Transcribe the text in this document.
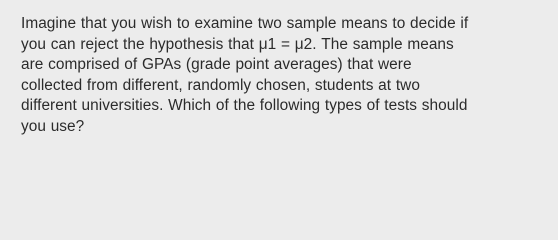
Imagine that you wish to examine two sample means to decide if
you can reject the hypothesis that μ1 = μ2. The sample means
are comprised of GPAs (grade point averages) that were
collected from different, randomly chosen, students at two
different universities. Which of the following types of tests should
you use?
